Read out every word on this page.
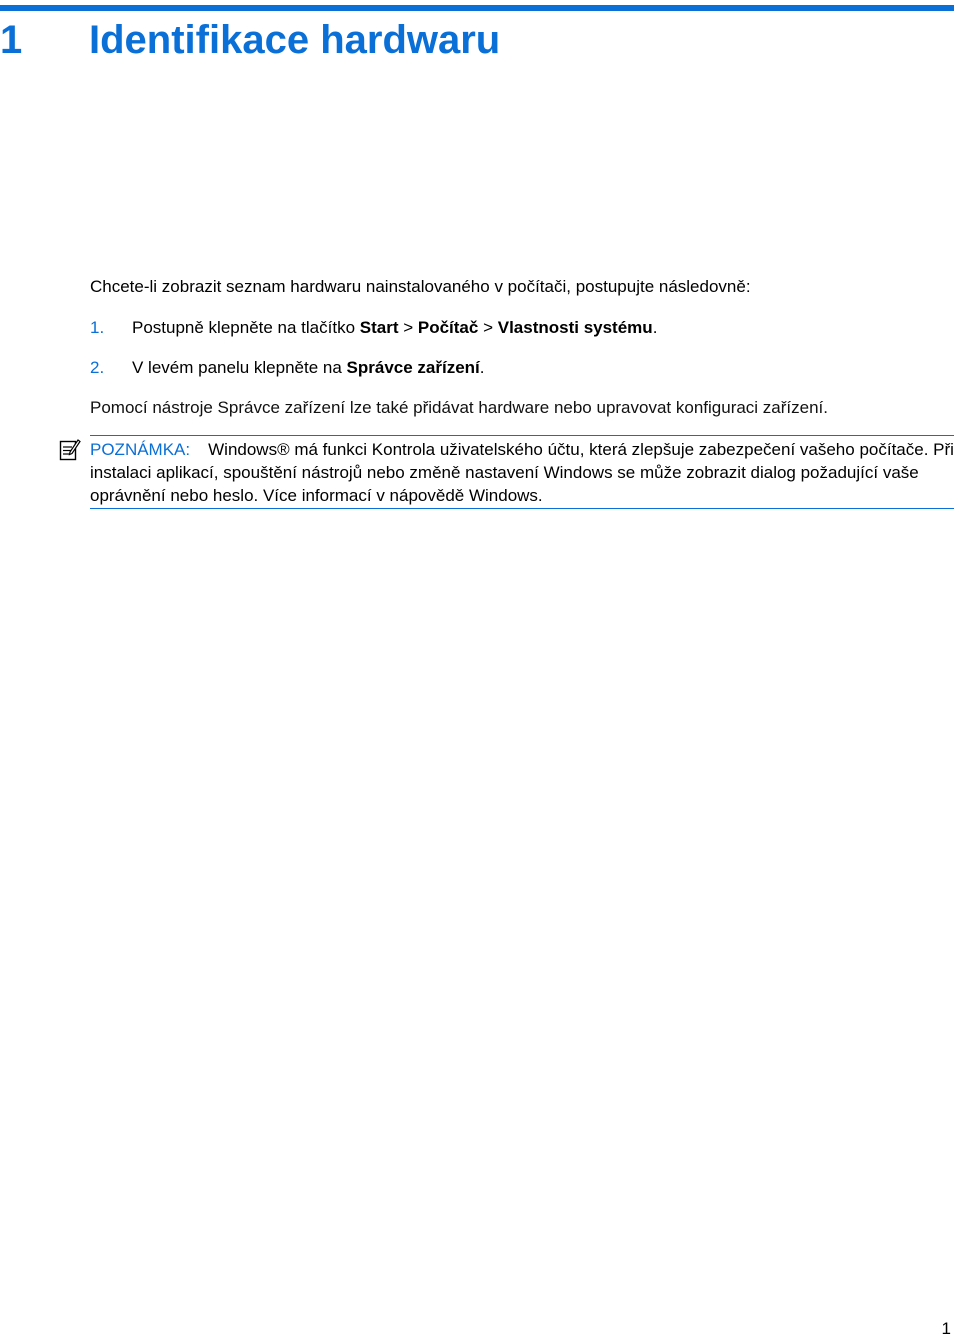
1 Identifikace hardwaru
Chcete-li zobrazit seznam hardwaru nainstalovaného v počítači, postupujte následovně:
1. Postupně klepněte na tlačítko Start > Počítač > Vlastnosti systému.
2. V levém panelu klepněte na Správce zařízení.
Pomocí nástroje Správce zařízení lze také přidávat hardware nebo upravovat konfiguraci zařízení.
POZNÁMKA: Windows® má funkci Kontrola uživatelského účtu, která zlepšuje zabezpečení vašeho počítače. Při instalaci aplikací, spouštění nástrojů nebo změně nastavení Windows se může zobrazit dialog požadující vaše oprávnění nebo heslo. Více informací v nápovědě Windows.
1
